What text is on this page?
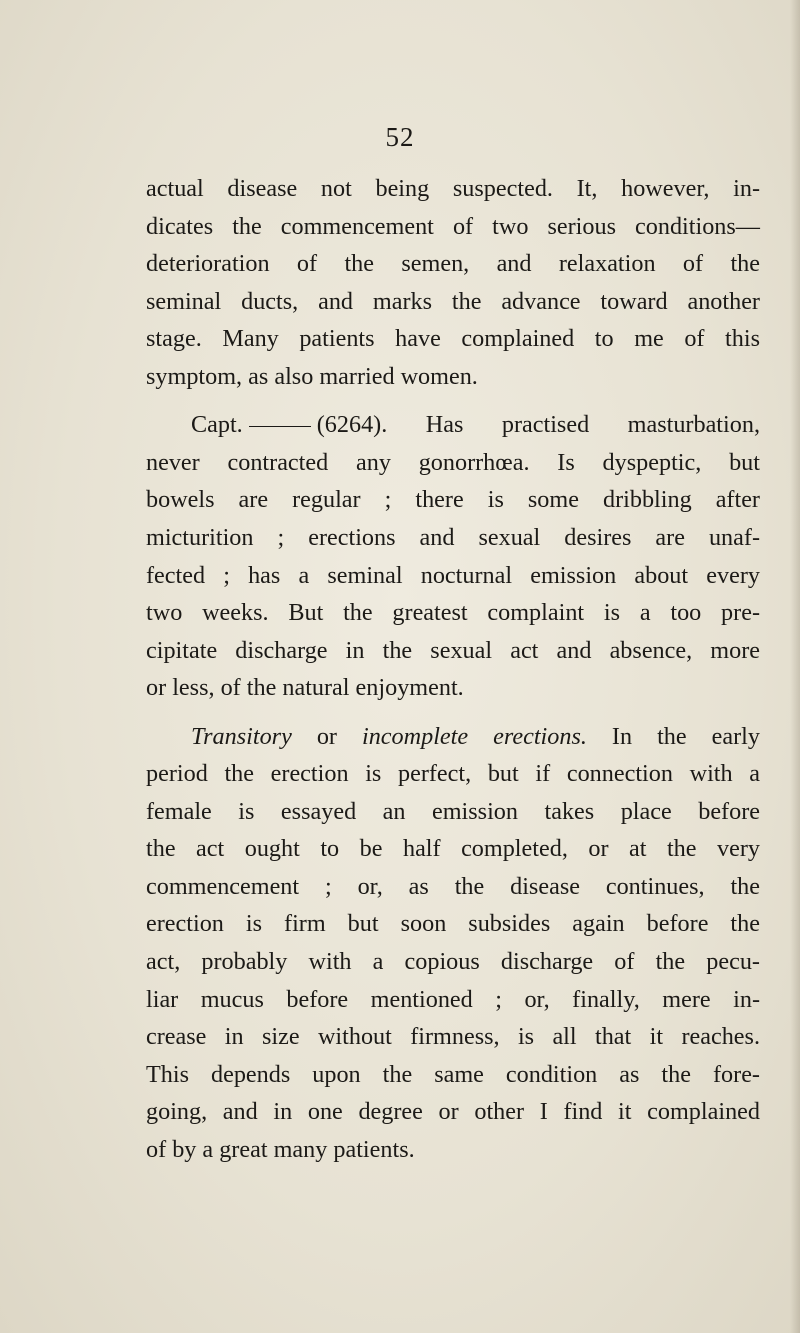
52

actual disease not being suspected. It, however, in-
dicates the commencement of two serious conditions—
deterioration of the semen, and relaxation of the
seminal ducts, and marks the advance toward another
stage. Many patients have complained to me of this
symptom, as also married women.

Capt.	(6264). Has practised masturbation,
never contracted any gonorrhœa. Is dyspeptic, but
bowels are regular ; there is some dribbling after
micturition ; erections and sexual desires are unaf-
fected ; has a seminal nocturnal emission about every
two weeks. But the greatest complaint is a too pre-
cipitate discharge in the sexual act and absence, more
or less, of the natural enjoyment.

Transitory or incomplete erections. In the early
period the erection is perfect, but if connection with a
female is essayed an emission takes place before
the act ought to be half completed, or at the very
commencement ; or, as the disease continues, the
erection is firm but soon subsides again before the
act, probably with a copious discharge of the pecu-
liar mucus before mentioned ; or, finally, mere in-
crease in size without firmness, is all that it reaches.
This depends upon the same condition as the fore-
going, and in one degree or other I find it complained
of by a great many patients.
